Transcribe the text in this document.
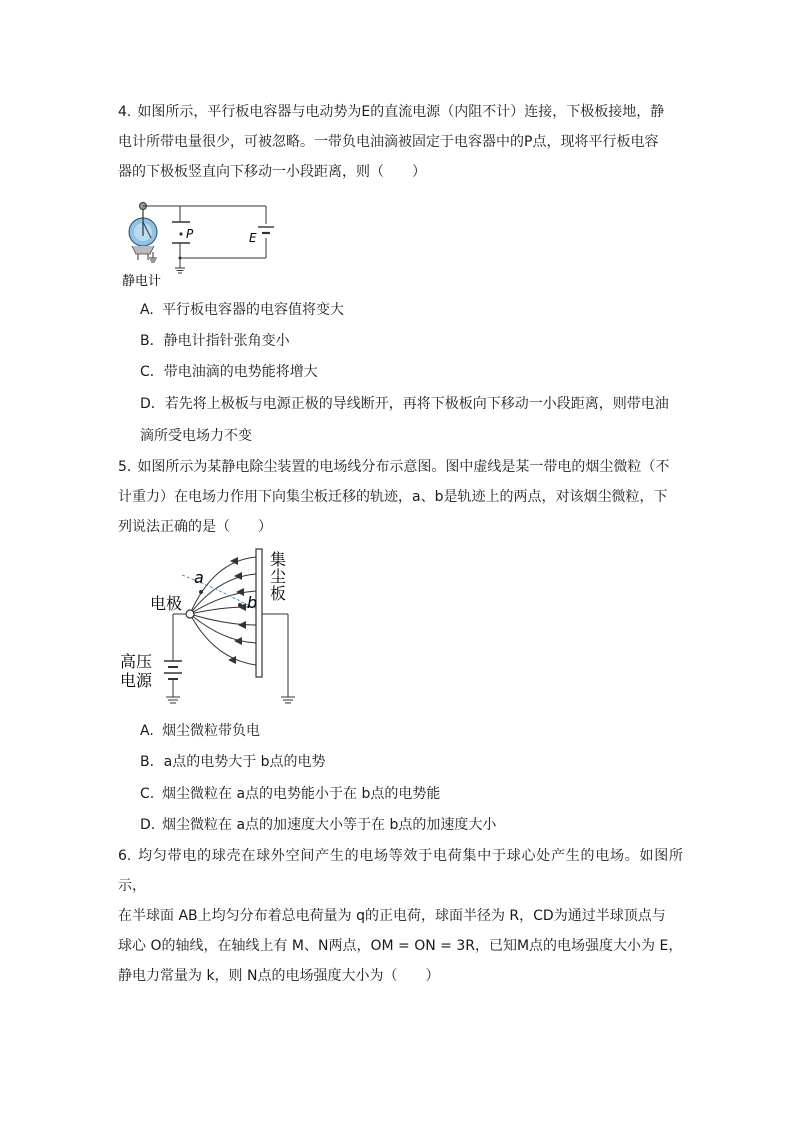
4. 如图所示，平行板电容器与电动势为E的直流电源（内阻不计）连接，下极板接地，静
电计所带电量很少，可被忽略。一带负电油滴被固定于电容器中的P点，现将平行板电容
器的下极板竖直向下移动一小段距离，则（　　）
静电计
P	E
A. 平行板电容器的电容值将变大
B．静电计指针张角变小
C．带电油滴的电势能将增大
D．若先将上极板与电源正极的导线断开，再将下极板向下移动一小段距离，则带电油
滴所受电场力不变
5. 如图所示为某静电除尘装置的电场线分布示意图。图中虚线是某一带电的烟尘微粒（不
计重力）在电场力作用下向集尘板迁移的轨迹，a、b是轨迹上的两点，对该烟尘微粒，下
列说法正确的是（　　）
集
尘
板
a
b
电极
高压
电源
A. 烟尘微粒带负电
B．a点的电势大于 b点的电势
C. 烟尘微粒在 a点的电势能小于在 b点的电势能
D. 烟尘微粒在 a点的加速度大小等于在 b点的加速度大小
6. 均匀带电的球壳在球外空间产生的电场等效于电荷集中于球心处产生的电场。如图所示，
在半球面 AB上均匀分布着总电荷量为 q的正电荷，球面半径为 R，CD为通过半球顶点与
球心 O的轴线，在轴线上有 M、N两点，OM = ON = 3R，已知M点的电场强度大小为 E，
静电力常量为 k，则 N点的电场强度大小为（　　）
